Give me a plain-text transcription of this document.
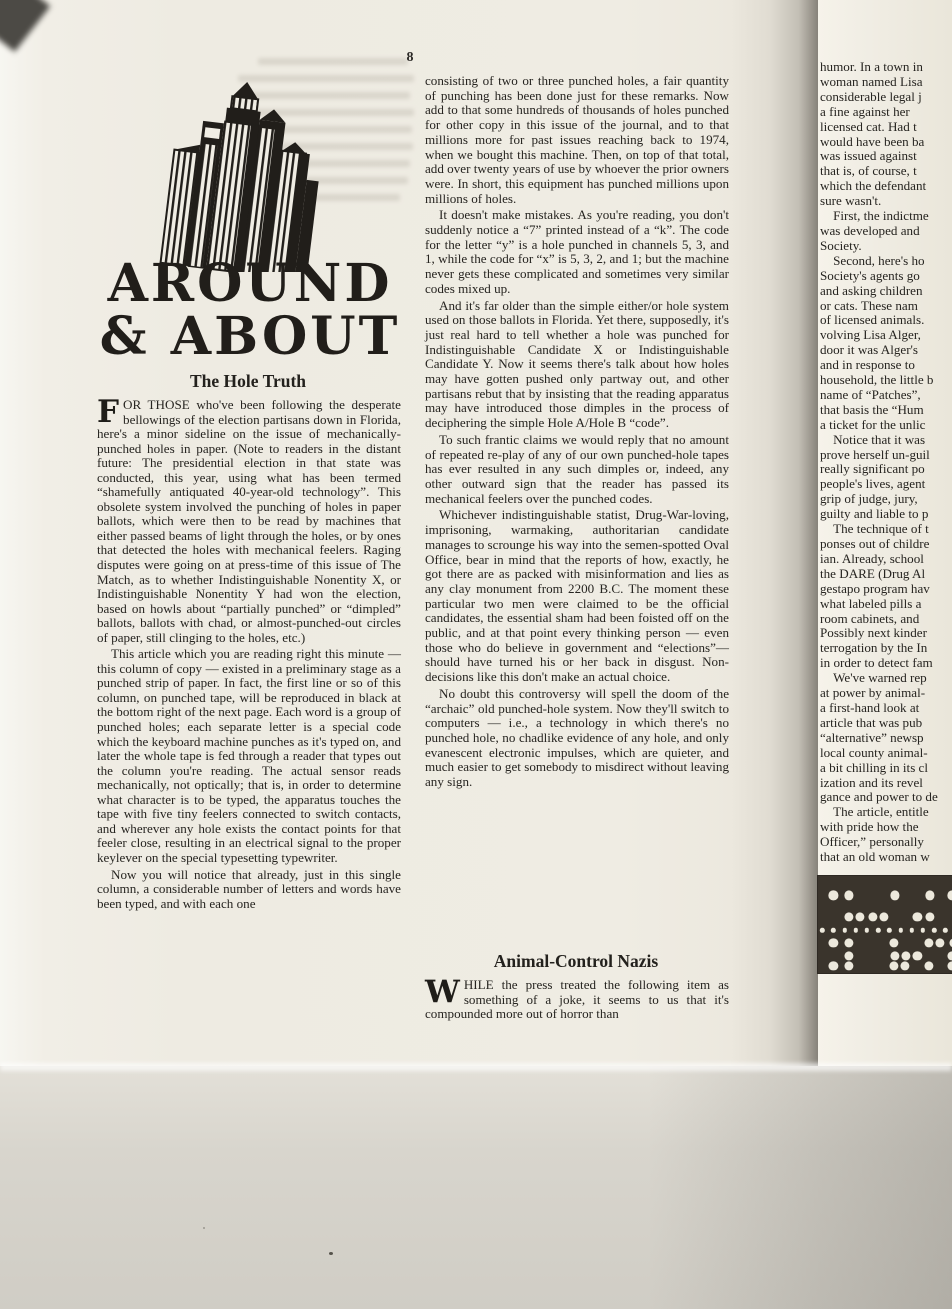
8
AROUND
& ABOUT
The Hole Truth

FOR THOSE who've been following the desperate bellowings of the election partisans down in Florida, here's a minor sideline on the issue of mechanically-punched holes in paper. (Note to readers in the distant future: The presidential election in that state was conducted, this year, using what has been termed “shamefully antiquated 40-year-old technology”. This obsolete system involved the punching of holes in paper ballots, which were then to be read by machines that either passed beams of light through the holes, or by ones that detected the holes with mechanical feelers. Raging disputes were going on at press-time of this issue of The Match, as to whether Indistinguishable Nonentity X, or Indistinguishable Nonentity Y had won the election, based on howls about “partially punched” or “dimpled” ballots, ballots with chad, or almost-punched-out circles of paper, still clinging to the holes, etc.)

This article which you are reading right this minute — this column of copy — existed in a preliminary stage as a punched strip of paper. In fact, the first line or so of this column, on punched tape, will be reproduced in black at the bottom right of the next page. Each word is a group of punched holes; each separate letter is a special code which the keyboard machine punches as it's typed on, and later the whole tape is fed through a reader that types out the column you're reading. The actual sensor reads mechanically, not optically; that is, in order to determine what character is to be typed, the apparatus touches the tape with five tiny feelers connected to switch contacts, and wherever any hole exists the contact points for that feeler close, resulting in an electrical signal to the proper keylever on the special typesetting typewriter.

Now you will notice that already, just in this single column, a considerable number of letters and words have been typed, and with each one

consisting of two or three punched holes, a fair quantity of punching has been done just for these remarks. Now add to that some hundreds of thousands of holes punched for other copy in this issue of the journal, and to that millions more for past issues reaching back to 1974, when we bought this machine. Then, on top of that total, add over twenty years of use by whoever the prior owners were. In short, this equipment has punched millions upon millions of holes.

It doesn't make mistakes. As you're reading, you don't suddenly notice a “7” printed instead of a “k”. The code for the letter “y” is a hole punched in channels 5, 3, and 1, while the code for “x” is 5, 3, 2, and 1; but the machine never gets these complicated and sometimes very similar codes mixed up.

And it's far older than the simple either/or hole system used on those ballots in Florida. Yet there, supposedly, it's just real hard to tell whether a hole was punched for Indistinguishable Candidate X or Indistinguishable Candidate Y. Now it seems there's talk about how holes may have gotten pushed only partway out, and other partisans rebut that by insisting that the reading apparatus may have introduced those dimples in the process of deciphering the simple Hole A/Hole B “code”.

To such frantic claims we would reply that no amount of repeated re-play of any of our own punched-hole tapes has ever resulted in any such dimples or, indeed, any other outward sign that the reader has passed its mechanical feelers over the punched codes.

Whichever indistinguishable statist, Drug-War-loving, imprisoning, warmaking, authoritarian candidate manages to scrounge his way into the semen-spotted Oval Office, bear in mind that the reports of how, exactly, he got there are as packed with misinformation and lies as any clay monument from 2200 B.C. The moment these particular two men were claimed to be the official candidates, the essential sham had been foisted off on the public, and at that point every thinking person — even those who do believe in government and “elections”— should have turned his or her back in disgust. Non-decisions like this don't make an actual choice.

No doubt this controversy will spell the doom of the “archaic” old punched-hole system. Now they'll switch to computers — i.e., a technology in which there's no punched hole, no chadlike evidence of any hole, and only evanescent electronic impulses, which are quieter, and much easier to get somebody to misdirect without leaving any sign.

Animal-Control Nazis

WHILE the press treated the following item as something of a joke, it seems to us that it's compounded more out of horror than

humor. In a town in
woman named Lisa
considerable legal j
a fine against her
licensed cat. Had t
would have been ba
was issued against
that is, of course, t
which the defendant
sure wasn't.
 First, the indictme
was developed and
Society.
 Second, here's ho
Society's agents go
and asking children
or cats. These nam
of licensed animals.
volving Lisa Alger,
door it was Alger's
and in response to
household, the little b
name of “Patches”,
that basis the “Hum
a ticket for the unlic
 Notice that it was
prove herself un-guil
really significant po
people's lives, agent
grip of judge, jury,
guilty and liable to p
 The technique of t
ponses out of childre
ian. Already, school
the DARE (Drug Al
gestapo program hav
what labeled pills a
room cabinets, and
Possibly next kinder
terrogation by the In
in order to detect fam
 We've warned rep
at power by animal-
a first-hand look at
article that was pub
“alternative” newsp
local county animal-
a bit chilling in its cl
ization and its revel
gance and power to de
 The article, entitle
with pride how the
Officer,” personally
that an old woman w
